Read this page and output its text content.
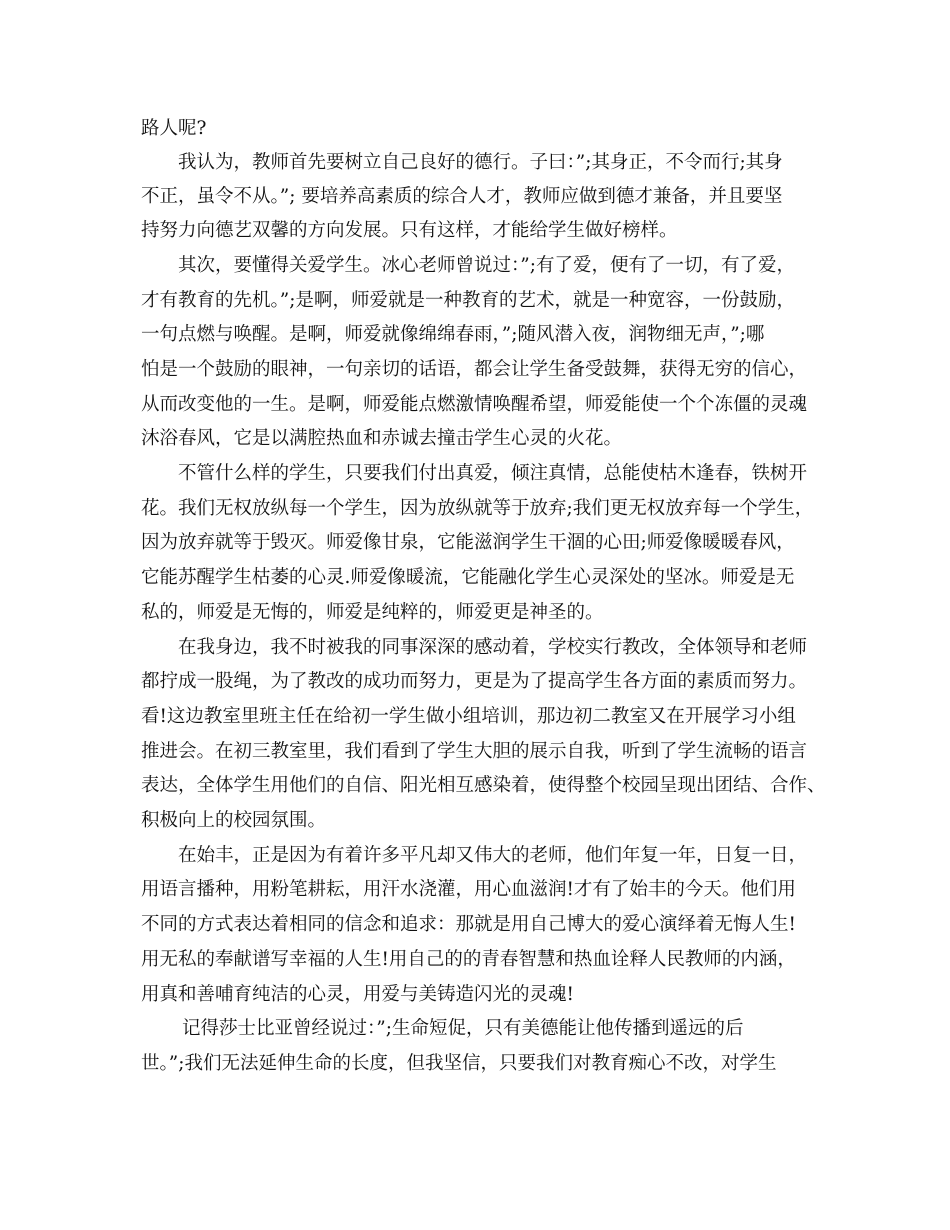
路人呢?
我认为，教师首先要树立自己良好的德行。子曰：”;其身正，不令而行;其身
不正，虽令不从。”; 要培养高素质的综合人才，教师应做到德才兼备，并且要坚
持努力向德艺双馨的方向发展。只有这样，才能给学生做好榜样。
其次，要懂得关爱学生。冰心老师曾说过：”;有了爱，便有了一切，有了爱，
才有教育的先机。”;是啊，师爱就是一种教育的艺术，就是一种宽容，一份鼓励，
一句点燃与唤醒。是啊，师爱就像绵绵春雨，”;随风潜入夜，润物细无声，”;哪
怕是一个鼓励的眼神，一句亲切的话语，都会让学生备受鼓舞，获得无穷的信心，
从而改变他的一生。是啊，师爱能点燃激情唤醒希望，师爱能使一个个冻僵的灵魂
沐浴春风，它是以满腔热血和赤诚去撞击学生心灵的火花。
不管什么样的学生，只要我们付出真爱，倾注真情，总能使枯木逢春，铁树开
花。我们无权放纵每一个学生，因为放纵就等于放弃;我们更无权放弃每一个学生，
因为放弃就等于毁灭。师爱像甘泉，它能滋润学生干涸的心田;师爱像暖暖春风，
它能苏醒学生枯萎的心灵.师爱像暖流，它能融化学生心灵深处的坚冰。师爱是无
私的，师爱是无悔的，师爱是纯粹的，师爱更是神圣的。
在我身边，我不时被我的同事深深的感动着，学校实行教改，全体领导和老师
都拧成一股绳，为了教改的成功而努力，更是为了提高学生各方面的素质而努力。
看!这边教室里班主任在给初一学生做小组培训，那边初二教室又在开展学习小组
推进会。在初三教室里，我们看到了学生大胆的展示自我，听到了学生流畅的语言
表达，全体学生用他们的自信、阳光相互感染着，使得整个校园呈现出团结、合作、
积极向上的校园氛围。
在始丰，正是因为有着许多平凡却又伟大的老师，他们年复一年，日复一日，
用语言播种，用粉笔耕耘，用汗水浇灌，用心血滋润!才有了始丰的今天。他们用
不同的方式表达着相同的信念和追求：那就是用自己博大的爱心演绎着无悔人生!
用无私的奉献谱写幸福的人生!用自己的的青春智慧和热血诠释人民教师的内涵，
用真和善哺育纯洁的心灵，用爱与美铸造闪光的灵魂!
记得莎士比亚曾经说过：”;生命短促，只有美德能让他传播到遥远的后
世。”;我们无法延伸生命的长度，但我坚信，只要我们对教育痴心不改，对学生
